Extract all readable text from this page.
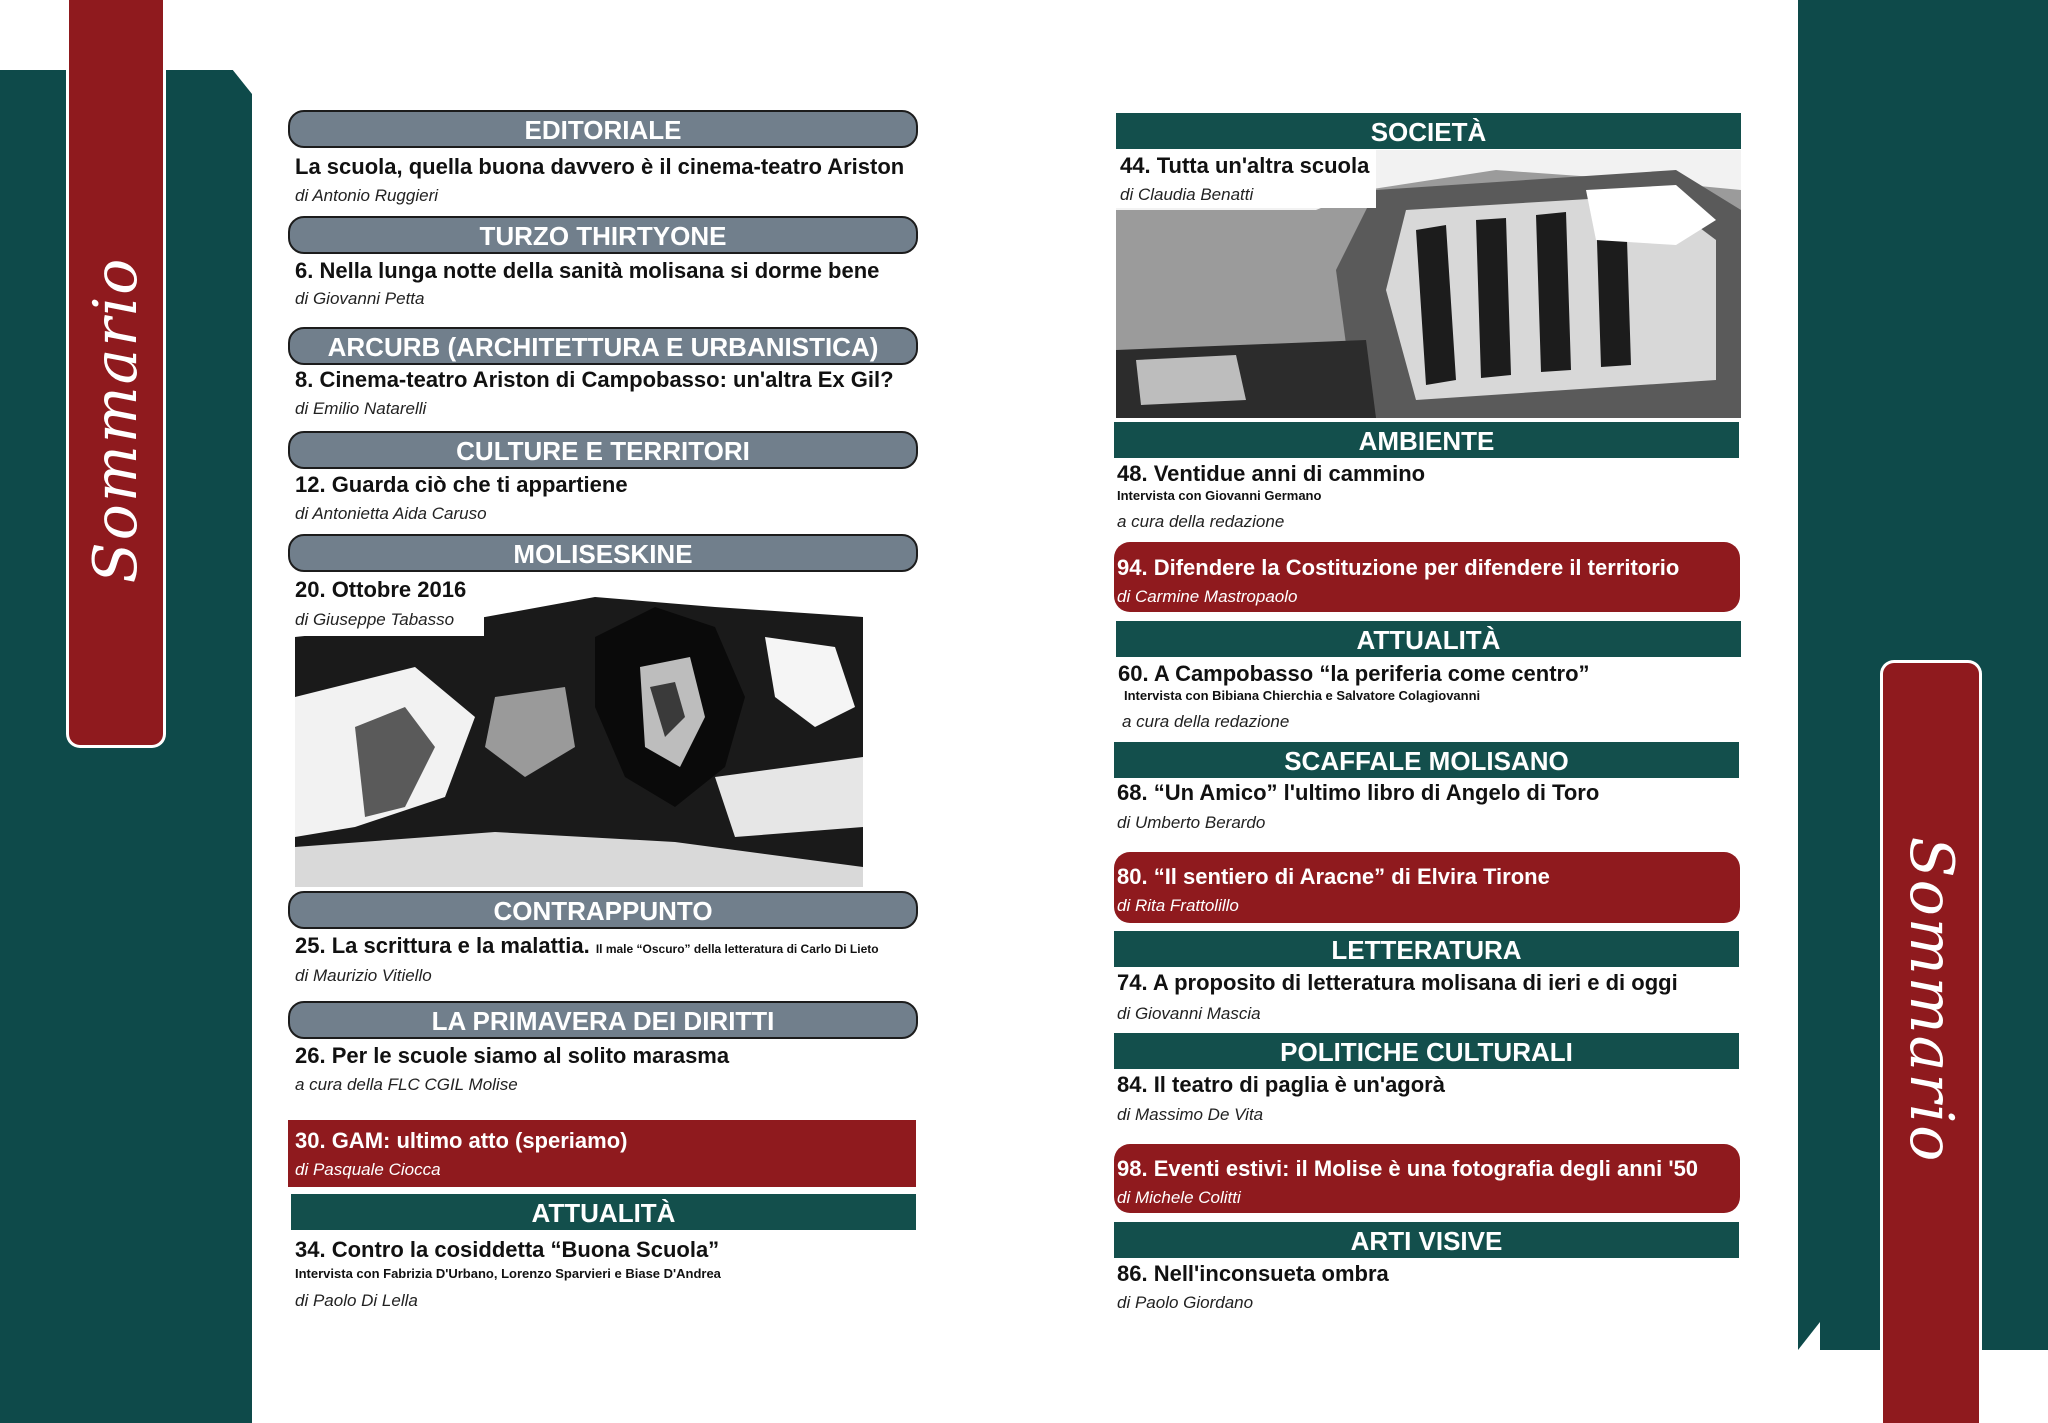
Sommario
Sommario
EDITORIALE
La scuola, quella buona davvero è il cinema-teatro Ariston
di Antonio Ruggieri
TURZO THIRTYONE
6. Nella lunga notte della sanità molisana si dorme bene
di Giovanni Petta
ARCURB (ARCHITETTURA E URBANISTICA)
8. Cinema-teatro Ariston di Campobasso: un'altra Ex Gil?
di Emilio Natarelli
CULTURE E TERRITORI
12. Guarda ciò che ti appartiene
di Antonietta Aida Caruso
MOLISESKINE
20. Ottobre 2016
di Giuseppe Tabasso
CONTRAPPUNTO
25. La scrittura e la malattia. Il male “Oscuro” della letteratura di Carlo Di Lieto
di Maurizio Vitiello
LA PRIMAVERA DEI DIRITTI
26. Per le scuole siamo al solito marasma
a cura della FLC CGIL Molise
30. GAM: ultimo atto (speriamo)
di Pasquale Ciocca
ATTUALITÀ
34. Contro la cosiddetta “Buona Scuola”
Intervista con Fabrizia D'Urbano, Lorenzo Sparvieri e Biase D'Andrea
di Paolo Di Lella
SOCIETÀ
44. Tutta un'altra scuola
di Claudia Benatti
AMBIENTE
48. Ventidue anni di cammino
Intervista con Giovanni Germano
a cura della redazione
94. Difendere la Costituzione per difendere il territorio
di Carmine Mastropaolo
ATTUALITÀ
60. A Campobasso “la periferia come centro”
Intervista con Bibiana Chierchia e Salvatore Colagiovanni
a cura della redazione
SCAFFALE MOLISANO
68. “Un Amico” l'ultimo libro di Angelo di Toro
di Umberto Berardo
80. “Il sentiero di Aracne” di Elvira Tirone
di Rita Frattolillo
LETTERATURA
74. A proposito di letteratura molisana di ieri e di oggi
di Giovanni Mascia
POLITICHE CULTURALI
84. Il teatro di paglia è un'agorà
di Massimo De Vita
98. Eventi estivi: il Molise è una fotografia degli anni '50
di Michele Colitti
ARTI VISIVE
86. Nell'inconsueta ombra
di Paolo Giordano
